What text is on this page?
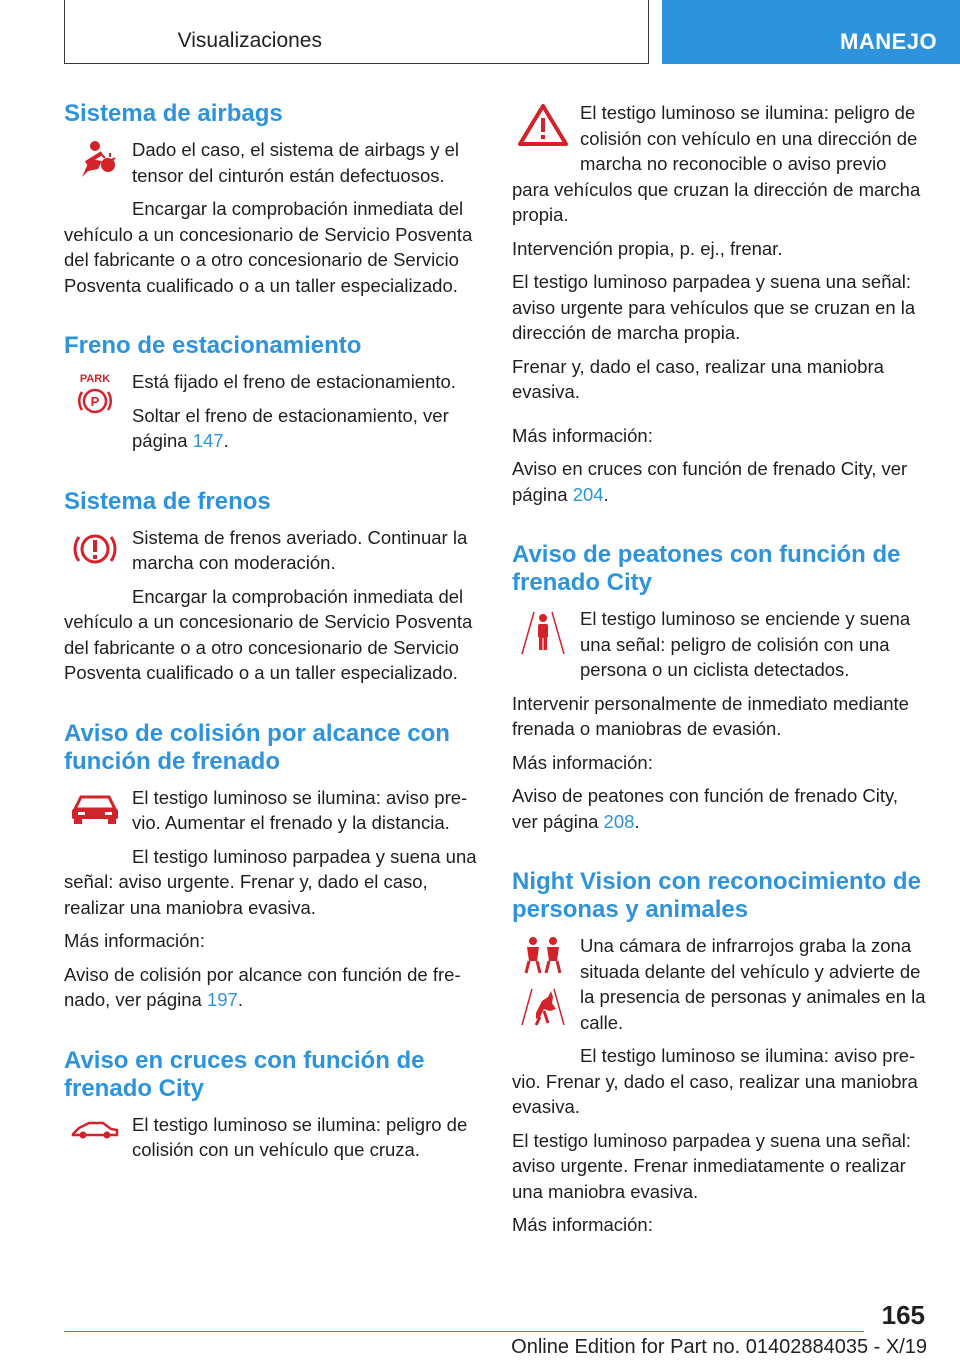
Visualizaciones	MANEJO
Sistema de airbags

Dado el caso, el sistema de airbags y el tensor del cinturón están defectuosos.

Encargar la comprobación inmediata del vehículo a un concesionario de Servicio Posventa del fabricante o a otro concesionario de Servicio Posventa cualificado o a un taller especializado.

Freno de estacionamiento
PARK
P

Está fijado el freno de estacionamiento.

Soltar el freno de estacionamiento, ver página 147.

Sistema de frenos

Sistema de frenos averiado. Continuar la marcha con moderación.

Encargar la comprobación inmediata del vehículo a un concesionario de Servicio Posventa del fabricante o a otro concesionario de Servicio Posventa cualificado o a un taller especializado.

Aviso de colisión por alcance con función de frenado

El testigo luminoso se ilumina: aviso previo. Aumentar el frenado y la distancia.

El testigo luminoso parpadea y suena una señal: aviso urgente. Frenar y, dado el caso, realizar una maniobra evasiva.

Más información:

Aviso de colisión por alcance con función de frenado, ver página 197.

Aviso en cruces con función de frenado City

El testigo luminoso se ilumina: peligro de colisión con un vehículo que cruza.

El testigo luminoso se ilumina: peligro de colisión con vehículo en una dirección de marcha no reconocible o aviso previo para vehículos que cruzan la dirección de marcha propia.

Intervención propia, p. ej., frenar.

El testigo luminoso parpadea y suena una señal: aviso urgente para vehículos que se cruzan en la dirección de marcha propia.

Frenar y, dado el caso, realizar una maniobra evasiva.

Más información:

Aviso en cruces con función de frenado City, ver página 204.

Aviso de peatones con función de frenado City

El testigo luminoso se enciende y suena una señal: peligro de colisión con una persona o un ciclista detectados.

Intervenir personalmente de inmediato mediante frenada o maniobras de evasión.

Más información:

Aviso de peatones con función de frenado City, ver página 208.

Night Vision con reconocimiento de personas y animales

Una cámara de infrarrojos graba la zona situada delante del vehículo y advierte de la presencia de personas y animales en la calle.

El testigo luminoso se ilumina: aviso previo. Frenar y, dado el caso, realizar una maniobra evasiva.

El testigo luminoso parpadea y suena una señal: aviso urgente. Frenar inmediatamente o realizar una maniobra evasiva.

Más información:

165
Online Edition for Part no. 01402884035 - X/19
